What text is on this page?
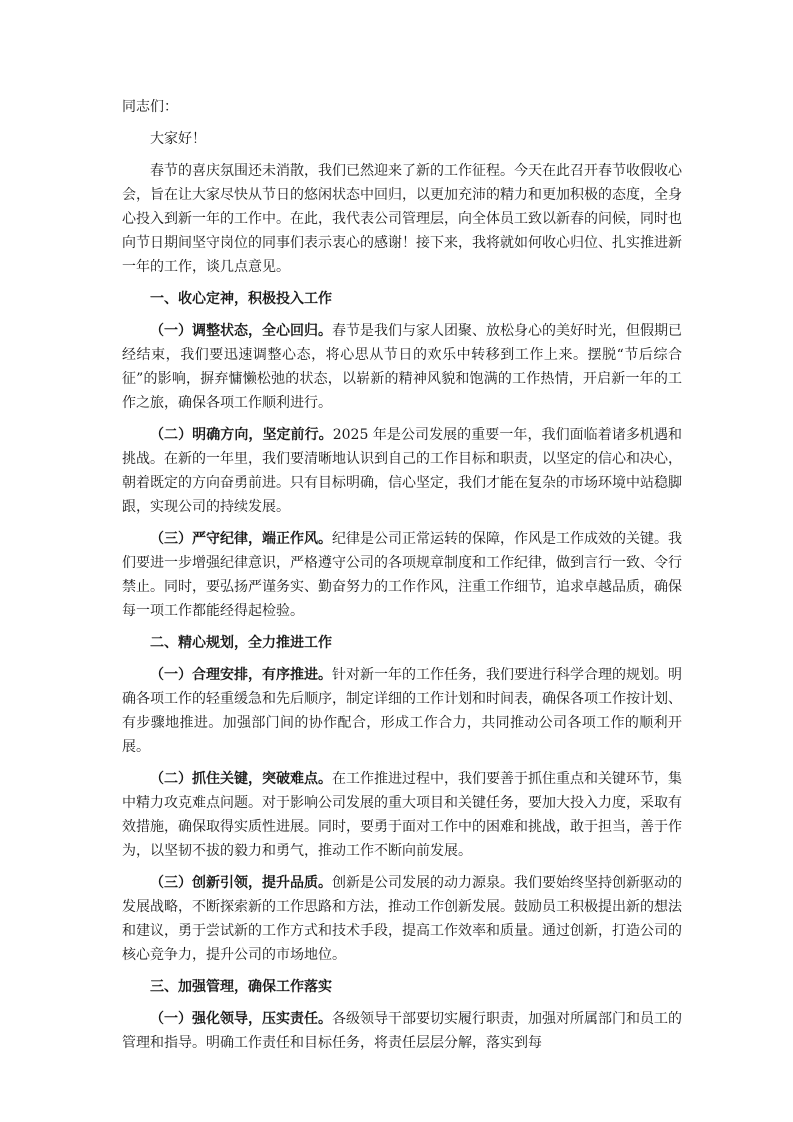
同志们：

大家好！

春节的喜庆氛围还未消散，我们已然迎来了新的工作征程。今天在此召开春节收假收心会，旨在让大家尽快从节日的悠闲状态中回归，以更加充沛的精力和更加积极的态度，全身心投入到新一年的工作中。在此，我代表公司管理层，向全体员工致以新春的问候，同时也向节日期间坚守岗位的同事们表示衷心的感谢！接下来，我将就如何收心归位、扎实推进新一年的工作，谈几点意见。

一、收心定神，积极投入工作

（一）调整状态，全心回归。春节是我们与家人团聚、放松身心的美好时光，但假期已经结束，我们要迅速调整心态，将心思从节日的欢乐中转移到工作上来。摆脱“节后综合征”的影响，摒弃慵懒松弛的状态，以崭新的精神风貌和饱满的工作热情，开启新一年的工作之旅，确保各项工作顺利进行。

（二）明确方向，坚定前行。2025 年是公司发展的重要一年，我们面临着诸多机遇和挑战。在新的一年里，我们要清晰地认识到自己的工作目标和职责，以坚定的信心和决心，朝着既定的方向奋勇前进。只有目标明确，信心坚定，我们才能在复杂的市场环境中站稳脚跟，实现公司的持续发展。

（三）严守纪律，端正作风。纪律是公司正常运转的保障，作风是工作成效的关键。我们要进一步增强纪律意识，严格遵守公司的各项规章制度和工作纪律，做到言行一致、令行禁止。同时，要弘扬严谨务实、勤奋努力的工作作风，注重工作细节，追求卓越品质，确保每一项工作都能经得起检验。

二、精心规划，全力推进工作

（一）合理安排，有序推进。针对新一年的工作任务，我们要进行科学合理的规划。明确各项工作的轻重缓急和先后顺序，制定详细的工作计划和时间表，确保各项工作按计划、有步骤地推进。加强部门间的协作配合，形成工作合力，共同推动公司各项工作的顺利开展。

（二）抓住关键，突破难点。在工作推进过程中，我们要善于抓住重点和关键环节，集中精力攻克难点问题。对于影响公司发展的重大项目和关键任务，要加大投入力度，采取有效措施，确保取得实质性进展。同时，要勇于面对工作中的困难和挑战，敢于担当，善于作为，以坚韧不拔的毅力和勇气，推动工作不断向前发展。

（三）创新引领，提升品质。创新是公司发展的动力源泉。我们要始终坚持创新驱动的发展战略，不断探索新的工作思路和方法，推动工作创新发展。鼓励员工积极提出新的想法和建议，勇于尝试新的工作方式和技术手段，提高工作效率和质量。通过创新，打造公司的核心竞争力，提升公司的市场地位。

三、加强管理，确保工作落实

（一）强化领导，压实责任。各级领导干部要切实履行职责，加强对所属部门和员工的管理和指导。明确工作责任和目标任务，将责任层层分解，落实到每
